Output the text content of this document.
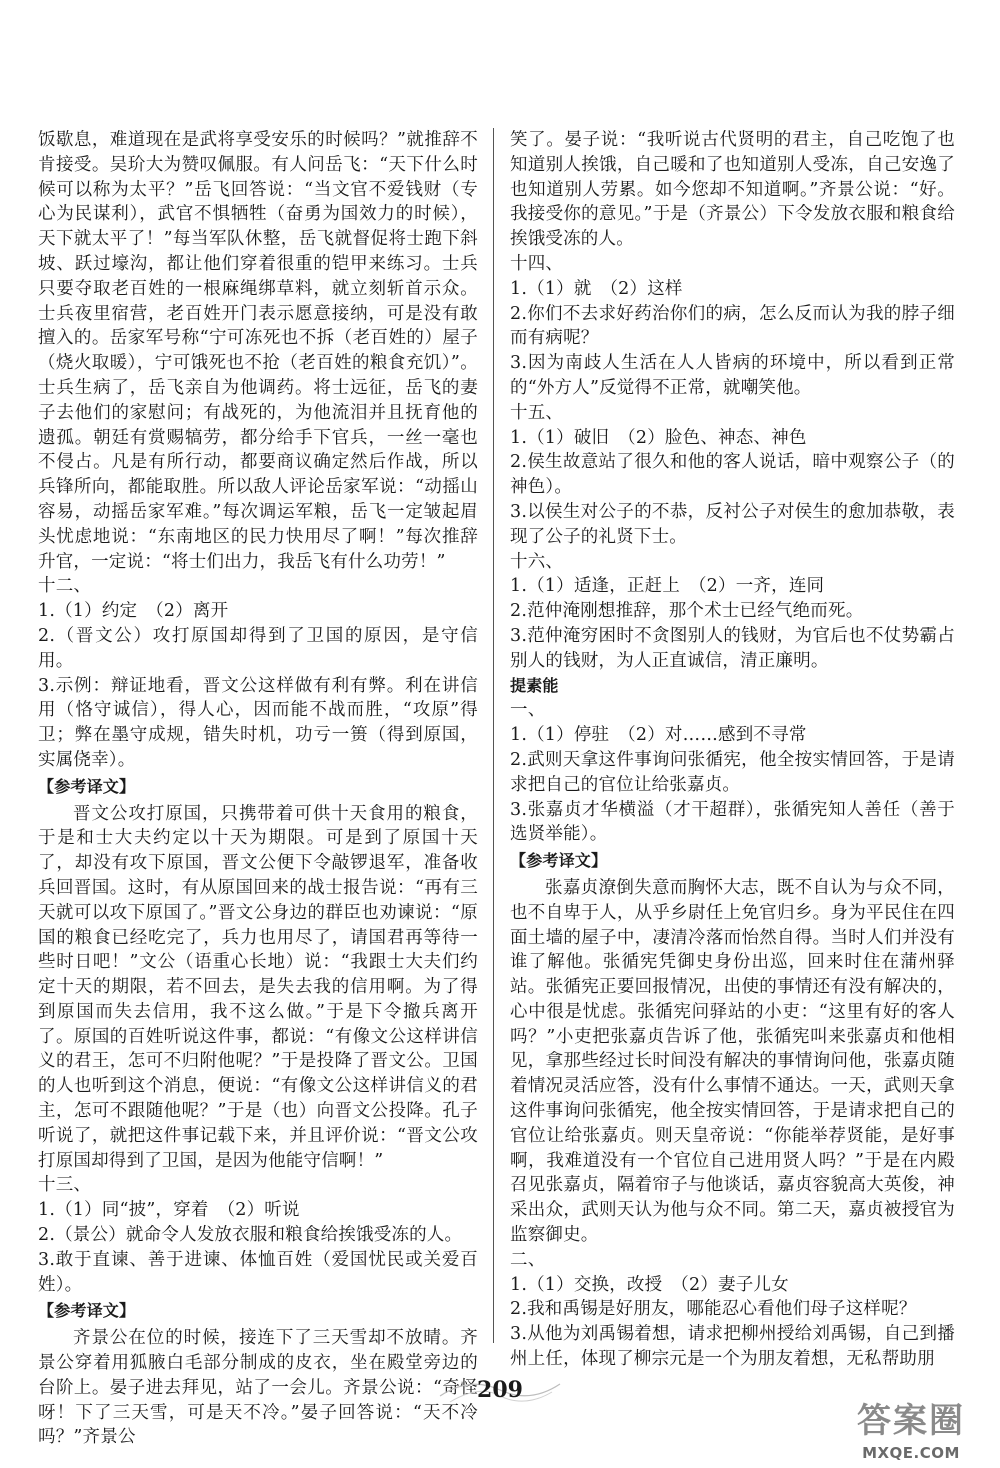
饭歇息，难道现在是武将享受安乐的时候吗？”就推辞不肯接受。吴玠大为赞叹佩服。有人问岳飞：“天下什么时候可以称为太平？”岳飞回答说：“当文官不爱钱财（专心为民谋利），武官不惧牺牲（奋勇为国效力的时候），天下就太平了！”每当军队休整，岳飞就督促将士跑下斜坡、跃过壕沟，都让他们穿着很重的铠甲来练习。士兵只要夺取老百姓的一根麻绳绑草料，就立刻斩首示众。士兵夜里宿营，老百姓开门表示愿意接纳，可是没有敢擅入的。岳家军号称“宁可冻死也不拆（老百姓的）屋子（烧火取暖），宁可饿死也不抢（老百姓的粮食充饥）”。士兵生病了，岳飞亲自为他调药。将士远征，岳飞的妻子去他们的家慰问；有战死的，为他流泪并且抚育他的遗孤。朝廷有赏赐犒劳，都分给手下官兵，一丝一毫也不侵占。凡是有所行动，都要商议确定然后作战，所以兵锋所向，都能取胜。所以敌人评论岳家军说：“动摇山容易，动摇岳家军难。”每次调运军粮，岳飞一定皱起眉头忧虑地说：“东南地区的民力快用尽了啊！”每次推辞升官，一定说：“将士们出力，我岳飞有什么功劳！”

十二、

1.（1）约定　（2）离开

2.（晋文公）攻打原国却得到了卫国的原因，是守信用。

3.示例：辩证地看，晋文公这样做有利有弊。利在讲信用（恪守诚信），得人心，因而能不战而胜，“攻原”得卫；弊在墨守成规，错失时机，功亏一篑（得到原国，实属侥幸）。

【参考译文】

晋文公攻打原国，只携带着可供十天食用的粮食，于是和士大夫约定以十天为期限。可是到了原国十天了，却没有攻下原国，晋文公便下令敲锣退军，准备收兵回晋国。这时，有从原国回来的战士报告说：“再有三天就可以攻下原国了。”晋文公身边的群臣也劝谏说：“原国的粮食已经吃完了，兵力也用尽了，请国君再等待一些时日吧！”文公（语重心长地）说：“我跟士大夫们约定十天的期限，若不回去，是失去我的信用啊。为了得到原国而失去信用，我不这么做。”于是下令撤兵离开了。原国的百姓听说这件事，都说：“有像文公这样讲信义的君王，怎可不归附他呢？”于是投降了晋文公。卫国的人也听到这个消息，便说：“有像文公这样讲信义的君主，怎可不跟随他呢？”于是（也）向晋文公投降。孔子听说了，就把这件事记载下来，并且评价说：“晋文公攻打原国却得到了卫国，是因为他能守信啊！”

十三、

1.（1）同“披”，穿着　（2）听说

2.（景公）就命令人发放衣服和粮食给挨饿受冻的人。

3.敢于直谏、善于进谏、体恤百姓（爱国忧民或关爱百姓）。

【参考译文】

齐景公在位的时候，接连下了三天雪却不放晴。齐景公穿着用狐腋白毛部分制成的皮衣，坐在殿堂旁边的台阶上。晏子进去拜见，站了一会儿。齐景公说：“奇怪呀！下了三天雪，可是天不冷。”晏子回答说：“天不冷吗？”齐景公

笑了。晏子说：“我听说古代贤明的君主，自己吃饱了也知道别人挨饿，自己暖和了也知道别人受冻，自己安逸了也知道别人劳累。如今您却不知道啊。”齐景公说：“好。我接受你的意见。”于是（齐景公）下令发放衣服和粮食给挨饿受冻的人。

十四、

1.（1）就　（2）这样

2.你们不去求好药治你们的病，怎么反而认为我的脖子细而有病呢？

3.因为南歧人生活在人人皆病的环境中，所以看到正常的“外方人”反觉得不正常，就嘲笑他。

十五、

1.（1）破旧　（2）脸色、神态、神色

2.侯生故意站了很久和他的客人说话，暗中观察公子（的神色）。

3.以侯生对公子的不恭，反衬公子对侯生的愈加恭敬，表现了公子的礼贤下士。

十六、

1.（1）适逢，正赶上　（2）一齐，连同

2.范仲淹刚想推辞，那个术士已经气绝而死。

3.范仲淹穷困时不贪图别人的钱财，为官后也不仗势霸占别人的钱财，为人正直诚信，清正廉明。

提素能

一、

1.（1）停驻　（2）对……感到不寻常

2.武则天拿这件事询问张循宪，他全按实情回答，于是请求把自己的官位让给张嘉贞。

3.张嘉贞才华横溢（才干超群），张循宪知人善任（善于选贤举能）。

【参考译文】

张嘉贞潦倒失意而胸怀大志，既不自认为与众不同，也不自卑于人，从乎乡尉任上免官归乡。身为平民住在四面土墙的屋子中，凄清冷落而怡然自得。当时人们并没有谁了解他。张循宪凭御史身份出巡，回来时住在蒲州驿站。张循宪正要回报情况，出使的事情还有没有解决的，心中很是忧虑。张循宪问驿站的小吏：“这里有好的客人吗？”小吏把张嘉贞告诉了他，张循宪叫来张嘉贞和他相见，拿那些经过长时间没有解决的事情询问他，张嘉贞随着情况灵活应答，没有什么事情不通达。一天，武则天拿这件事询问张循宪，他全按实情回答，于是请求把自己的官位让给张嘉贞。则天皇帝说：“你能举荐贤能，是好事啊，我难道没有一个官位自己进用贤人吗？”于是在内殿召见张嘉贞，隔着帘子与他谈话，嘉贞容貌高大英俊，神采出众，武则天认为他与众不同。第二天，嘉贞被授官为监察御史。

二、

1.（1）交换，改授　（2）妻子儿女

2.我和禹锡是好朋友，哪能忍心看他们母子这样呢？

3.从他为刘禹锡着想，请求把柳州授给刘禹锡，自己到播州上任，体现了柳宗元是一个为朋友着想，无私帮助朋

209
答案圈
MXQE.COM
